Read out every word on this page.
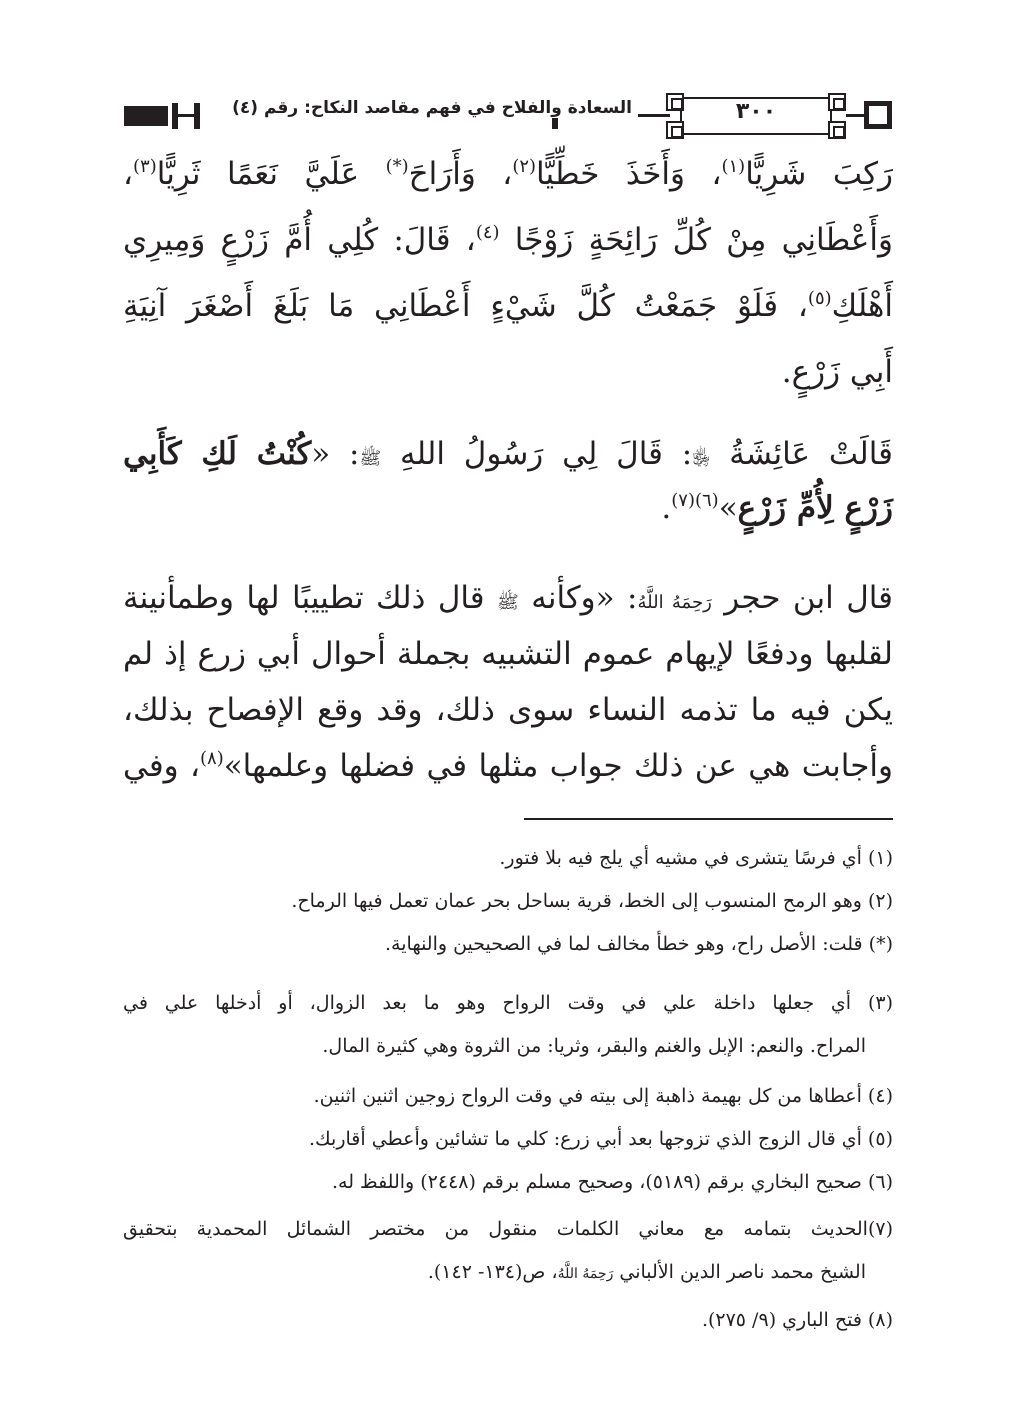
السعادة والفلاح في فهم مقاصد النكاح: رقم (٤)	٣٠٠
رَكِبَ شَرِيًّا$^{(١)}$، وَأَخَذَ خَطِّيًّا$^{(٢)}$، وَأَرَاحَ(*) عَلَيَّ نَعَمًا ثَرِيًّا$^{(٣)}$،
وَأَعْطَانِي مِنْ كُلِّ رَائِحَةٍ زَوْجًا $^{(٤)}$، قَالَ: كُلِي أُمَّ زَرْعٍ وَمِيرِي
أَهْلَكِ$^{(٥)}$، فَلَوْ جَمَعْتُ كُلَّ شَيْءٍ أَعْطَانِي مَا بَلَغَ أَصْغَرَ آنِيَةِ
أَبِي زَرْعٍ.
قَالَتْ عَائِشَةُ ﵂: قَالَ لِي رَسُولُ اللهِ ﷺ: «كُنْتُ لَكِ كَأَبِي
زَرْعٍ لِأُمِّ زَرْعٍ»$^{(٦)(٧)}$.
قال ابن حجر رَحِمَهُ اللَّهُ: «وكأنه ﷺ قال ذلك تطييبًا لها وطمأنينة
لقلبها ودفعًا لإيهام عموم التشبيه بجملة أحوال أبي زرع إذ لم
يكن فيه ما تذمه النساء سوى ذلك، وقد وقع الإفصاح بذلك،
وأجابت هي عن ذلك جواب مثلها في فضلها وعلمها»$^{(٨)}$، وفي
(١) أي فرسًا يتشرى في مشيه أي يلج فيه بلا فتور.
(٢) وهو الرمح المنسوب إلى الخط، قرية بساحل بحر عمان تعمل فيها الرماح.
(*) قلت: الأصل راح، وهو خطأ مخالف لما في الصحيحين والنهاية.
(٣) أي جعلها داخلة علي في وقت الرواح وهو ما بعد الزوال، أو أدخلها علي في
المراح. والنعم: الإبل والغنم والبقر، وثريا: من الثروة وهي كثيرة المال.
(٤) أعطاها من كل بهيمة ذاهبة إلى بيته في وقت الرواح زوجين اثنين اثنين.
(٥) أي قال الزوج الذي تزوجها بعد أبي زرع: كلي ما تشائين وأعطي أقاربك.
(٦) صحيح البخاري برقم (٥١٨٩)، وصحيح مسلم برقم (٢٤٤٨) واللفظ له.
(٧)الحديث بتمامه مع معاني الكلمات منقول من مختصر الشمائل المحمدية بتحقيق
الشيخ محمد ناصر الدين الألباني رَحِمَهُ اللَّهُ، ص(١٣٤- ١٤٢).
(٨) فتح الباري (٩/ ٢٧٥).
